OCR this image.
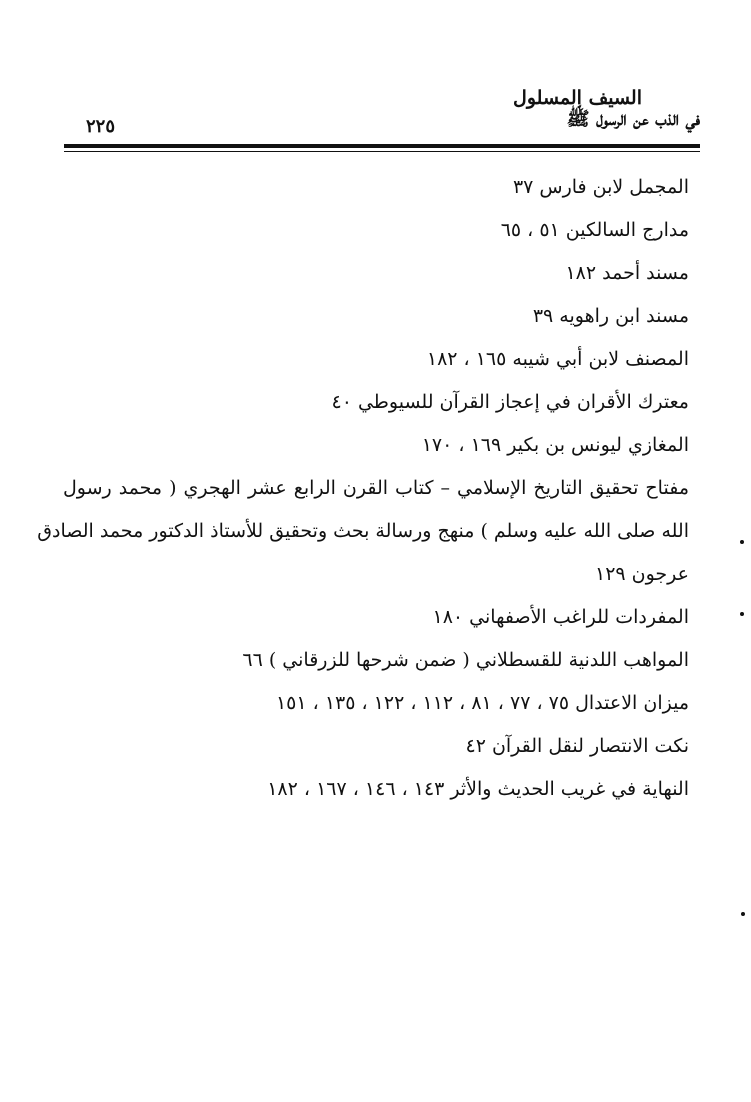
السيف المسلول
في الذب عن الرسول ﷺ
٢٢٥
المجمل لابن فارس ٣٧
مدارج السالكين ٥١ ، ٦٥
مسند أحمد ١٨٢
مسند ابن راهويه ٣٩
المصنف لابن أبي شيبه ١٦٥ ، ١٨٢
معترك الأقران في إعجاز القرآن للسيوطي ٤٠
المغازي ليونس بن بكير ١٦٩ ، ١٧٠
مفتاح تحقيق التاريخ الإسلامي – كتاب القرن الرابع عشر الهجري ( محمد رسول
الله صلى الله عليه وسلم ) منهج ورسالة بحث وتحقيق للأستاذ الدكتور محمد الصادق
عرجون ١٢٩
المفردات للراغب الأصفهاني ١٨٠
المواهب اللدنية للقسطلاني ( ضمن شرحها للزرقاني ) ٦٦
ميزان الاعتدال ٧٥ ، ٧٧ ، ٨١ ، ١١٢ ، ١٢٢ ، ١٣٥ ، ١٥١
نكت الانتصار لنقل القرآن ٤٢
النهاية في غريب الحديث والأثر ١٤٣ ، ١٤٦ ، ١٦٧ ، ١٨٢
